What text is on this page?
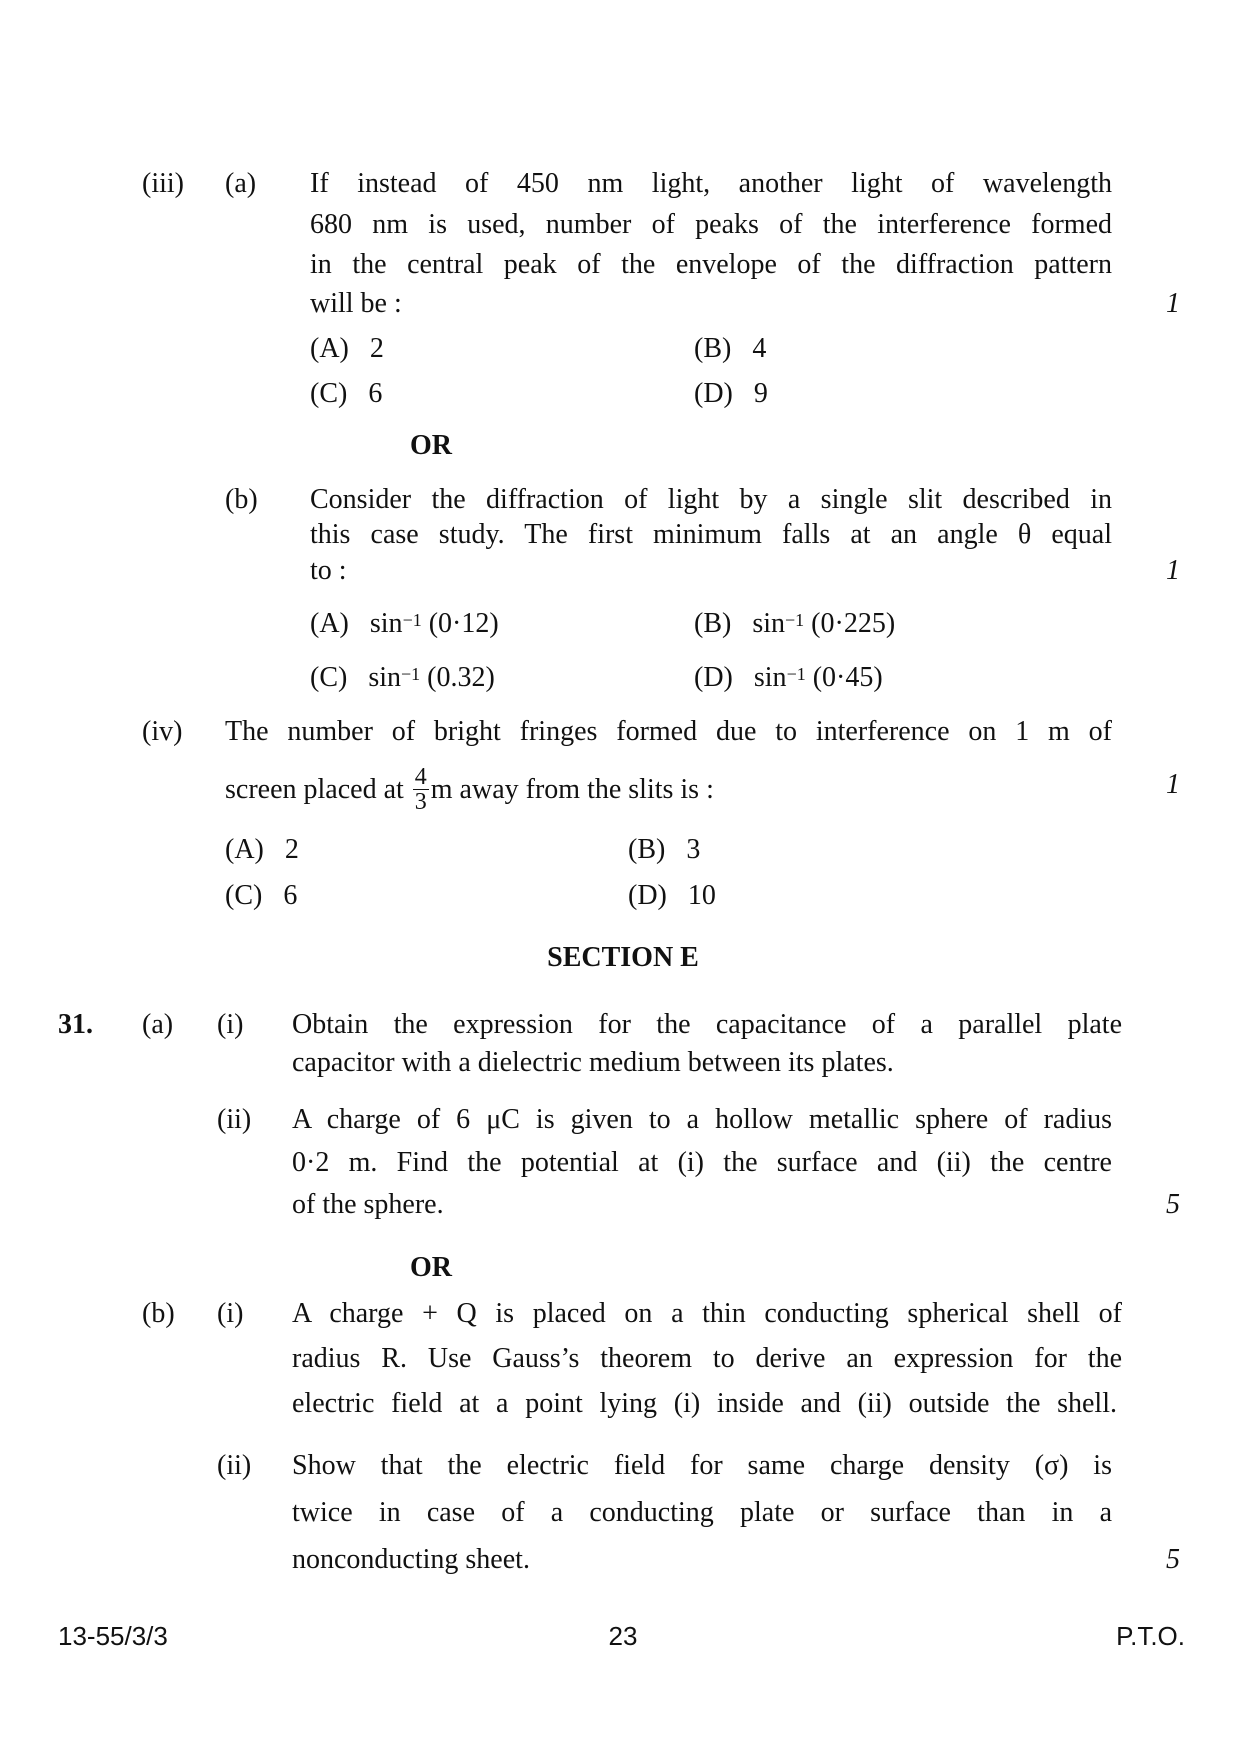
(iii) (a) If instead of 450 nm light, another light of wavelength
680 nm is used, number of peaks of the interference formed
in the central peak of the envelope of the diffraction pattern
will be :	1
(A) 2	(B) 4
(C) 6	(D) 9
OR
(b) Consider the diffraction of light by a single slit described in
this case study. The first minimum falls at an angle θ equal
to :	1
(A) $\sin^{-1} (0\cdot 12)$	(B) $\sin^{-1} (0\cdot 225)$
(C) $\sin^{-1} (0.32)$	(D) $\sin^{-1} (0\cdot 45)$
(iv) The number of bright fringes formed due to interference on 1 m of
screen placed at $\frac{4}{3}$ m away from the slits is :	1
(A) 2	(B) 3
(C) 6	(D) 10
SECTION E
31. (a) (i) Obtain the expression for the capacitance of a parallel plate
capacitor with a dielectric medium between its plates.
(ii) A charge of 6 μC is given to a hollow metallic sphere of radius
0·2 m. Find the potential at (i) the surface and (ii) the centre
of the sphere.	5
OR
(b) (i) A charge + Q is placed on a thin conducting spherical shell of
radius R. Use Gauss’s theorem to derive an expression for the
electric field at a point lying (i) inside and (ii) outside the shell.
(ii) Show that the electric field for same charge density (σ) is
twice in case of a conducting plate or surface than in a
nonconducting sheet.	5
13-55/3/3	23	P.T.O.
